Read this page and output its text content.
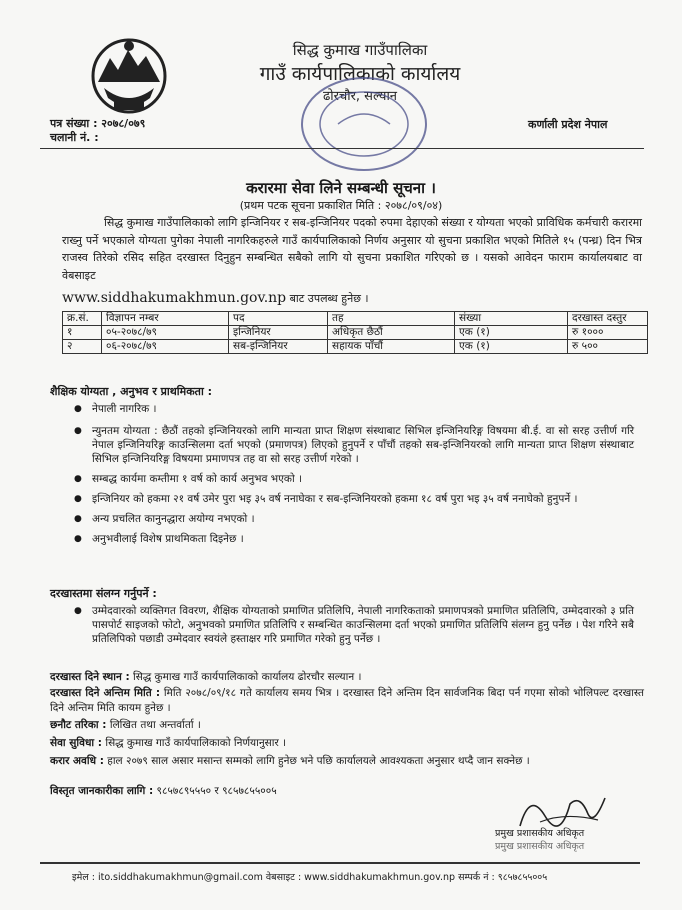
सिद्ध कुमाख गाउँपालिका
गाउँ कार्यपालिकाको कार्यालय
ढोरचौर, सल्यान
पत्र संख्या : २०७८/०७९
चलानी नं. :
कर्णाली प्रदेश नेपाल
करारमा सेवा लिने सम्बन्धी सूचना ।
(प्रथम पटक सूचना प्रकाशित मिति : २०७८/०९/०४)
सिद्ध कुमाख गाउँपालिकाको लागि इन्जिनियर र सब-इन्जिनियर पदको रुपमा देहाएको संख्या र योग्यता भएको प्राविधिक कर्मचारी करारमा राख्नु पर्ने भएकाले योग्यता पुगेका नेपाली नागरिकहरुले गाउँ कार्यपालिकाको निर्णय अनुसार यो सुचना प्रकाशित भएको मितिले १५ (पन्ध्र) दिन भित्र राजस्व तिरेको रसिद सहित दरखास्त दिनुहुन सम्बन्धित सबैको लागि यो सुचना प्रकाशित गरिएको छ । यसको आवेदन फाराम कार्यालयबाट वा वेबसाइट
www.siddhakumakhmun.gov.np बाट उपलब्ध हुनेछ ।
क्र.सं.	विज्ञापन नम्बर	पद	तह	संख्या	दरखास्त दस्तुर
१	०५-२०७८/७९	इन्जिनियर	अधिकृत छैठौं	एक (१)	रु १०००
२	०६-२०७८/७९	सब-इन्जिनियर	सहायक पाँचौं	एक (१)	रु ५००
शैक्षिक योग्यता , अनुभव र प्राथमिकता :
● नेपाली नागरिक ।
● न्युनतम योग्यता : छैठौं तहको इन्जिनियरको लागि मान्यता प्राप्त शिक्षण संस्थाबाट सिभिल इन्जिनियरिङ्ग विषयमा बी.ई. वा सो सरह उत्तीर्ण गरि नेपाल इन्जिनियरिङ्ग काउन्सिलमा दर्ता भएको (प्रमाणपत्र) लिएको हुनुपर्ने र पाँचौं तहको सब-इन्जिनियरको लागि मान्यता प्राप्त शिक्षण संस्थाबाट सिभिल इन्जिनियरिङ्ग विषयमा प्रमाणपत्र तह वा सो सरह उत्तीर्ण गरेको ।
● सम्बद्ध कार्यमा कम्तीमा १ वर्ष को कार्य अनुभव भएको ।
● इन्जिनियर को हकमा २१ वर्ष उमेर पुरा भइ ३५ वर्ष ननाघेका र सब-इन्जिनियरको हकमा १८ वर्ष पुरा भइ ३५ वर्ष ननाघेको हुनुपर्ने ।
● अन्य प्रचलित कानुनद्धारा अयोग्य नभएको ।
● अनुभवीलाई विशेष प्राथमिकता दिइनेछ ।
दरखास्तमा संलग्न गर्नुपर्ने :
● उम्मेदवारको व्यक्तिगत विवरण, शैक्षिक योग्यताको प्रमाणित प्रतिलिपि, नेपाली नागरिकताको प्रमाणपत्रको प्रमाणित प्रतिलिपि, उम्मेदवारको ३ प्रति पासपोर्ट साइजको फोटो, अनुभवको प्रमाणित प्रतिलिपि र सम्बन्धित काउन्सिलमा दर्ता भएको प्रमाणित प्रतिलिपि संलग्न हुनु पर्नेछ । पेश गरिने सबै प्रतिलिपिको पछाडी उम्मेदवार स्वयंले हस्ताक्षर गरि प्रमाणित गरेको हुनु पर्नेछ ।
दरखास्त दिने स्थान : सिद्ध कुमाख गाउँ कार्यपालिकाको कार्यालय ढोरचौर सल्यान ।
दरखास्त दिने अन्तिम मिति : मिति २०७८/०९/१८ गते कार्यालय समय भित्र । दरखास्त दिने अन्तिम दिन सार्वजनिक बिदा पर्न गएमा सोको भोलिपल्ट दरखास्त दिने अन्तिम मिति कायम हुनेछ ।
छनौट तरिका : लिखित तथा अन्तर्वार्ता ।
सेवा सुविधा : सिद्ध कुमाख गाउँ कार्यपालिकाको निर्णयानुसार ।
करार अवधि : हाल २०७९ साल असार मसान्त सम्मको लागि हुनेछ भने पछि कार्यालयले आवश्यकता अनुसार थप्दै जान सक्नेछ ।
विस्तृत जानकारीका लागि : ९८५७८९५५५० र ९८५७८५५००५
प्रमुख प्रशासकीय अधिकृत
प्रमुख प्रशासकीय अधिकृत
इमेल : ito.siddhakumakhmun@gmail.com वेबसाइट : www.siddhakumakhmun.gov.np सम्पर्क नं : ९८५७८५५००५
